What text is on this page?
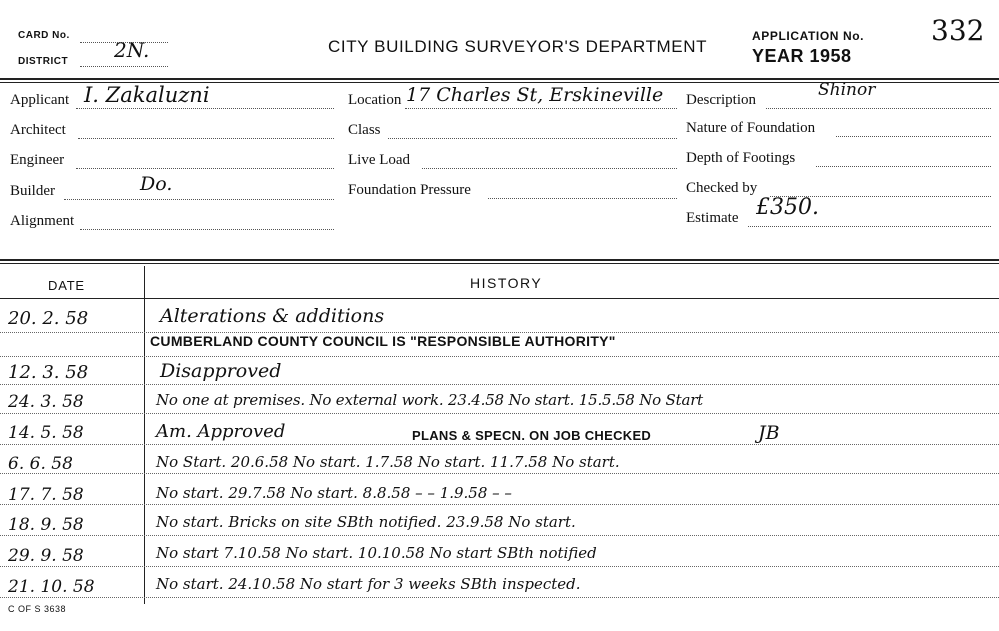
CARD No.
DISTRICT 2N.	CITY BUILDING SURVEYOR'S DEPARTMENT
APPLICATION No. 332
YEAR 1958
Applicant I. Zakaluzni
Architect
Engineer
Builder	Do.
Alignment
Location 17 Charles St, Erskineville
Class
Live Load
Foundation Pressure
Description	Shinor
Nature of Foundation
Depth of Footings
Checked by
Estimate £350.
DATE	HISTORY
20. 2. 58	Alterations & additions
CUMBERLAND COUNTY COUNCIL IS "RESPONSIBLE AUTHORITY"
12. 3. 58	Disapproved
24. 3. 58	No one at premises. No external work. 23.4.58 No start. 15.5.58 No Start
14. 5. 58	Am. Approved	PLANS & SPECN. ON JOB CHECKED	JB
6. 6. 58	No Start. 20.6.58 No start. 1.7.58 No start. 11.7.58 No start.
17. 7. 58	No start. 29.7.58 No start. 8.8.58 – – 1.9.58 – –
18. 9. 58	No start. Bricks on site SBth notified. 23.9.58 No start.
29. 9. 58	No start 7.10.58 No start. 10.10.58 No start SBth notified
21. 10. 58	No start. 24.10.58 No start for 3 weeks SBth inspected.
C OF S 3638
